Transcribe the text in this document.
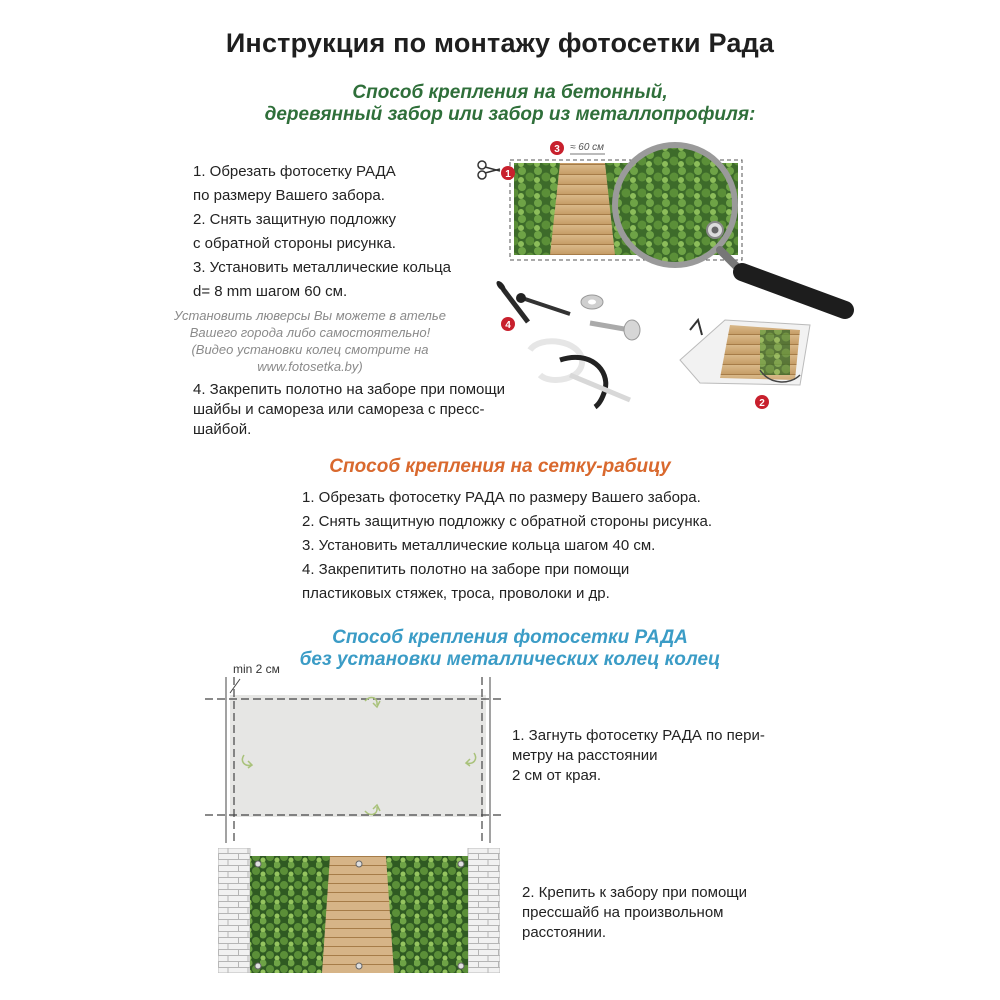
Инструкция по монтажу фотосетки Рада
Способ крепления на бетонный,
деревянный забор или забор из металлопрофиля:
1. Обрезать фотосетку РАДА
по размеру Вашего забора.
2. Снять защитную подложку
с обратной стороны рисунка.
3. Установить металлические кольца
d= 8 mm шагом 60 см.
Установить люверсы Вы можете в ателье
Вашего города либо самостоятельно!
(Видео установки колец смотрите на
www.fotosetka.by)
4. Закрепить полотно на заборе при помощи
шайбы и самореза или самореза с пресс-
шайбой.
≈ 60 см
1
3
4
2
Способ крепления на сетку-рабицу
1. Обрезать фотосетку РАДА по размеру Вашего забора.
2. Снять защитную подложку с обратной стороны рисунка.
3. Установить металлические кольца шагом 40 см.
4. Закрепитить полотно на заборе при помощи
пластиковых стяжек, троса, проволоки и др.
Способ крепления фотосетки РАДА
без установки металлических колец колец
min 2 см
1. Загнуть фотосетку РАДА по пери-
метру на расстоянии
2 см от края.
2. Крепить к забору при помощи
прессшайб на произвольном
расстоянии.
